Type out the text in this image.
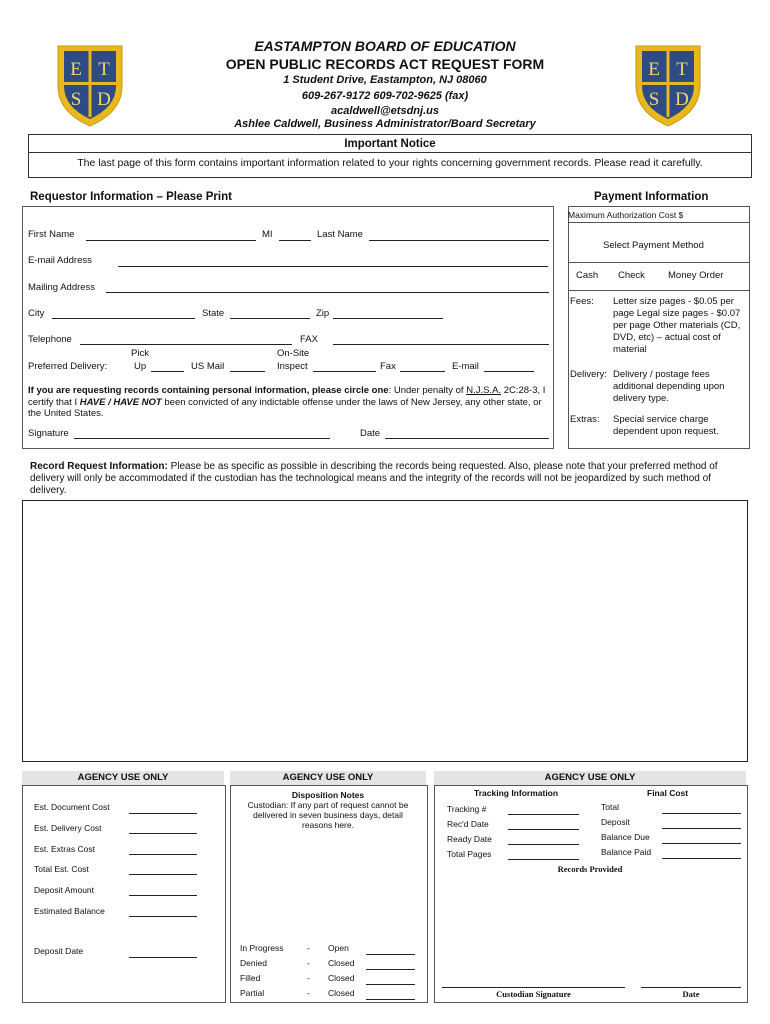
E T
S D
E T
S D
EASTAMPTON BOARD OF EDUCATION
OPEN PUBLIC RECORDS ACT REQUEST FORM
1 Student Drive, Eastampton, NJ 08060
609-267-9172 609-702-9625 (fax)
acaldwell@etsdnj.us
Ashlee Caldwell, Business Administrator/Board Secretary
Important Notice
The last page of this form contains important information related to your rights concerning government records. Please read it carefully.
Requestor Information – Please Print
First Name	MI	Last Name
E-mail Address
Mailing Address
City	State	Zip
Telephone	FAX
Preferred Delivery:
Pick
Up	US Mail
On-Site
Inspect	Fax	E-mail
If you are requesting records containing personal information, please circle one: Under penalty of N.J.S.A. 2C:28-3, I certify that I HAVE / HAVE NOT been convicted of any indictable offense under the laws of New Jersey, any other state, or the United States.
Signature	Date
Payment Information
Maximum Authorization Cost $
Select Payment Method
Cash Check Money Order
Fees: Letter size pages - $0.05 per page Legal size pages - $0.07 per page Other materials (CD, DVD, etc) – actual cost of material
Delivery: Delivery / postage fees additional depending upon delivery type.
Extras: Special service charge dependent upon request.
Record Request Information: Please be as specific as possible in describing the records being requested. Also, please note that your preferred method of delivery will only be accommodated if the custodian has the technological means and the integrity of the records will not be jeopardized by such method of delivery.
AGENCY USE ONLY
Est. Document Cost
Est. Delivery Cost
Est. Extras Cost
Total Est. Cost
Deposit Amount
Estimated Balance
Deposit Date
AGENCY USE ONLY
Disposition Notes
Custodian: If any part of request cannot be delivered in seven business days, detail reasons here.
In Progress	- Open
Denied	- Closed
Filled	- Closed
Partial	- Closed
AGENCY USE ONLY
Tracking Information	Final Cost
Tracking #
Rec'd Date
Ready Date
Total Pages
Total
Deposit
Balance Due
Balance Paid
Records Provided
Custodian Signature	Date
